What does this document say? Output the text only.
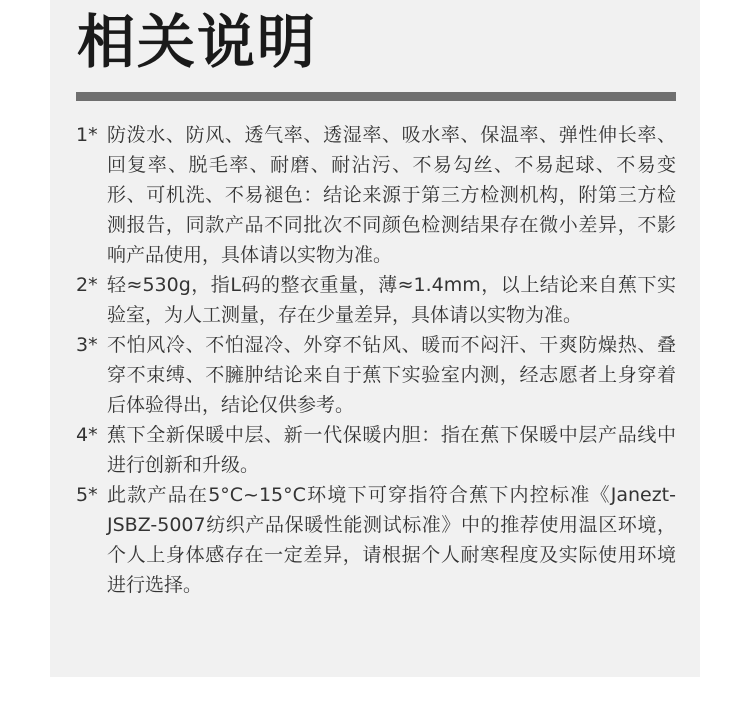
相关说明
1* 防泼水、防风、透气率、透湿率、吸水率、保温率、弹性伸长率、回复率、脱毛率、耐磨、耐沾污、不易勾丝、不易起球、不易变形、可机洗、不易褪色：结论来源于第三方检测机构，附第三方检测报告，同款产品不同批次不同颜色检测结果存在微小差异，不影响产品使用，具体请以实物为准。
2* 轻≈530g，指L码的整衣重量，薄≈1.4mm，以上结论来自蕉下实验室，为人工测量，存在少量差异，具体请以实物为准。
3* 不怕风冷、不怕湿冷、外穿不钻风、暖而不闷汗、干爽防燥热、叠穿不束缚、不臃肿结论来自于蕉下实验室内测，经志愿者上身穿着后体验得出，结论仅供参考。
4* 蕉下全新保暖中层、新一代保暖内胆：指在蕉下保暖中层产品线中进行创新和升级。
5* 此款产品在5°C~15°C环境下可穿指符合蕉下内控标准《Janezt-JSBZ-5007纺织产品保暖性能测试标准》中的推荐使用温区环境，个人上身体感存在一定差异，请根据个人耐寒程度及实际使用环境进行选择。
